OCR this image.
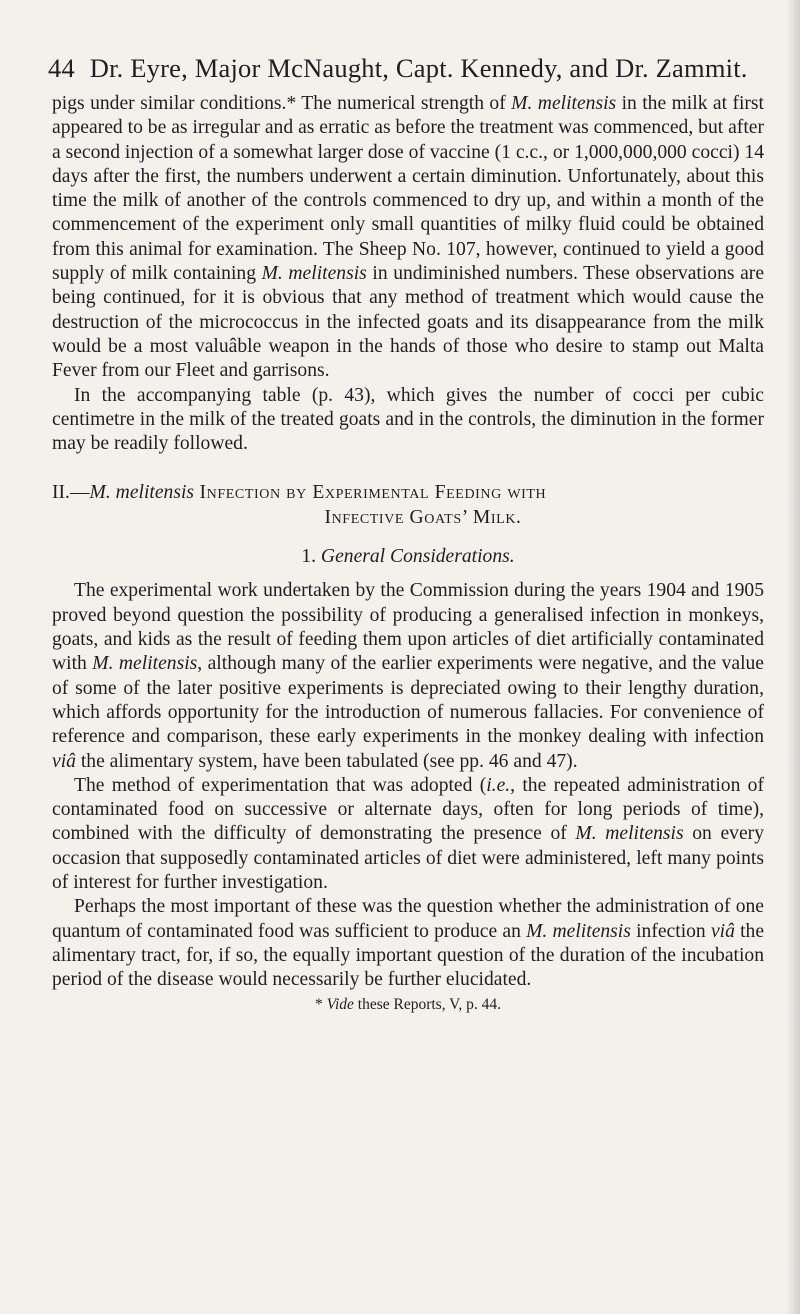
44 Dr. Eyre, Major McNaught, Capt. Kennedy, and Dr. Zammit.

pigs under similar conditions.* The numerical strength of M. melitensis in the milk at first appeared to be as irregular and as erratic as before the treatment was commenced, but after a second injection of a somewhat larger dose of vaccine (1 c.c., or 1,000,000,000 cocci) 14 days after the first, the numbers underwent a certain diminution. Unfortunately, about this time the milk of another of the controls commenced to dry up, and within a month of the commencement of the experiment only small quantities of milky fluid could be obtained from this animal for examination. The Sheep No. 107, however, continued to yield a good supply of milk containing M. melitensis in undiminished numbers. These observations are being continued, for it is obvious that any method of treatment which would cause the destruction of the micrococcus in the infected goats and its disappearance from the milk would be a most valuâble weapon in the hands of those who desire to stamp out Malta Fever from our Fleet and garrisons.

In the accompanying table (p. 43), which gives the number of cocci per cubic centimetre in the milk of the treated goats and in the controls, the diminution in the former may be readily followed.

II.—M. melitensis Infection by Experimental Feeding with
Infective Goats’ Milk.
1. General Considerations.

The experimental work undertaken by the Commission during the years 1904 and 1905 proved beyond question the possibility of producing a generalised infection in monkeys, goats, and kids as the result of feeding them upon articles of diet artificially contaminated with M. melitensis, although many of the earlier experiments were negative, and the value of some of the later positive experiments is depreciated owing to their lengthy duration, which affords opportunity for the introduction of numerous fallacies. For convenience of reference and comparison, these early experiments in the monkey dealing with infection viâ the alimentary system, have been tabulated (see pp. 46 and 47).

The method of experimentation that was adopted (i.e., the repeated administration of contaminated food on successive or alternate days, often for long periods of time), combined with the difficulty of demonstrating the presence of M. melitensis on every occasion that supposedly contaminated articles of diet were administered, left many points of interest for further investigation.

Perhaps the most important of these was the question whether the administration of one quantum of contaminated food was sufficient to produce an M. melitensis infection viâ the alimentary tract, for, if so, the equally important question of the duration of the incubation period of the disease would necessarily be further elucidated.

* Vide these Reports, V, p. 44.
